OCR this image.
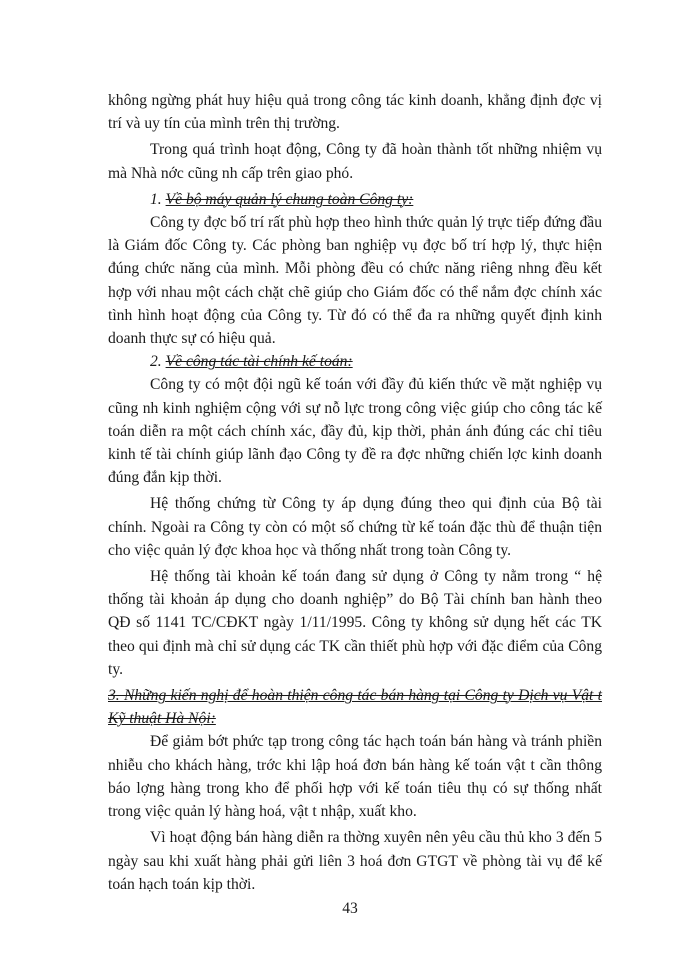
không ngừng phát huy hiệu quả trong công tác kinh doanh, khẳng định đợc vị trí và uy tín của mình trên thị trường.

Trong quá trình hoạt động, Công ty đã hoàn thành tốt những nhiệm vụ mà Nhà nớc cũng nh cấp trên giao phó.

1. Về bộ máy quản lý chung toàn Công ty:

Công ty đợc bố trí rất phù hợp theo hình thức quản lý trực tiếp đứng đầu là Giám đốc Công ty. Các phòng ban nghiệp vụ đợc bố trí hợp lý, thực hiện đúng chức năng của mình. Mỗi phòng đều có chức năng riêng nhng đều kết hợp với nhau một cách chặt chẽ giúp cho Giám đốc có thể nắm đợc chính xác tình hình hoạt động của Công ty. Từ đó có thể đa ra những quyết định kinh doanh thực sự có hiệu quả.

2. Về công tác tài chính kế toán:

Công ty có một đội ngũ kế toán với đầy đủ kiến thức về mặt nghiệp vụ cũng nh kinh nghiệm cộng với sự nỗ lực trong công việc giúp cho công tác kế toán diễn ra một cách chính xác, đầy đủ, kịp thời, phản ánh đúng các chỉ tiêu kinh tế tài chính giúp lãnh đạo Công ty đề ra đợc những chiến lợc kinh doanh đúng đắn kịp thời.

Hệ thống chứng từ Công ty áp dụng đúng theo qui định của Bộ tài chính. Ngoài ra Công ty còn có một số chứng từ kế toán đặc thù để thuận tiện cho việc quản lý đợc khoa học và thống nhất trong toàn Công ty.

Hệ thống tài khoản kế toán đang sử dụng ở Công ty nằm trong “ hệ thống tài khoản áp dụng cho doanh nghiệp” do Bộ Tài chính ban hành theo QĐ số 1141 TC/CĐKT ngày 1/11/1995. Công ty không sử dụng hết các TK theo qui định mà chỉ sử dụng các TK cần thiết phù hợp với đặc điểm của Công ty.

3. Những kiến nghị để hoàn thiện công tác bán hàng tại Công ty Dịch vụ Vật t Kỹ thuật Hà Nội:

Để giảm bớt phức tạp trong công tác hạch toán bán hàng và tránh phiền nhiễu cho khách hàng, trớc khi lập hoá đơn bán hàng kế toán vật t cần thông báo lợng hàng trong kho để phối hợp với kế toán tiêu thụ có sự thống nhất trong việc quản lý hàng hoá, vật t nhập, xuất kho.

Vì hoạt động bán hàng diễn ra thờng xuyên nên yêu cầu thủ kho 3 đến 5 ngày sau khi xuất hàng phải gửi liên 3 hoá đơn GTGT về phòng tài vụ để kế toán hạch toán kịp thời.

43
